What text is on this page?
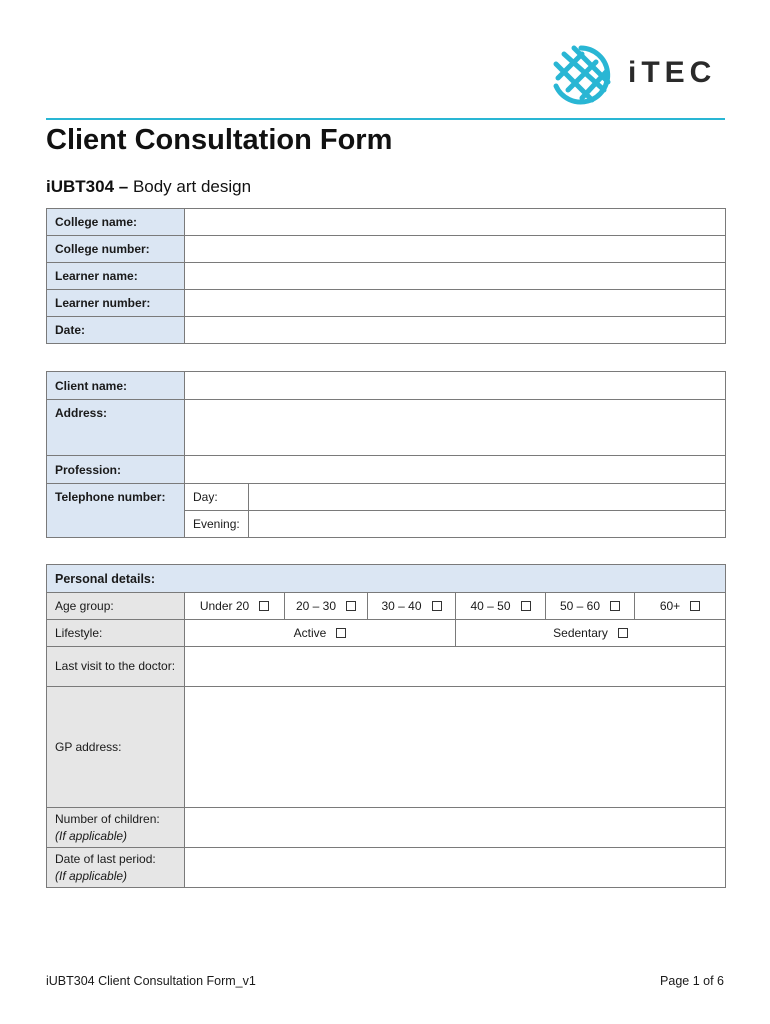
iTEC
Client Consultation Form
iUBT304 – Body art design
College name:	
College number:	
Learner name:	
Learner number:	
Date:	
Client name:		
Address:		
Profession:		
Telephone number:	Day:	
	Evening:	
Personal details:						
Age group:	Under 20	20 – 30	30 – 40	40 – 50	50 – 60	60+
Lifestyle:	Active			Sedentary		
Last visit to the doctor:						
GP address:						
Number of children:
(If applicable)						
Date of last period:
(If applicable)						
iUBT304 Client Consultation Form_v1	Page 1 of 6
